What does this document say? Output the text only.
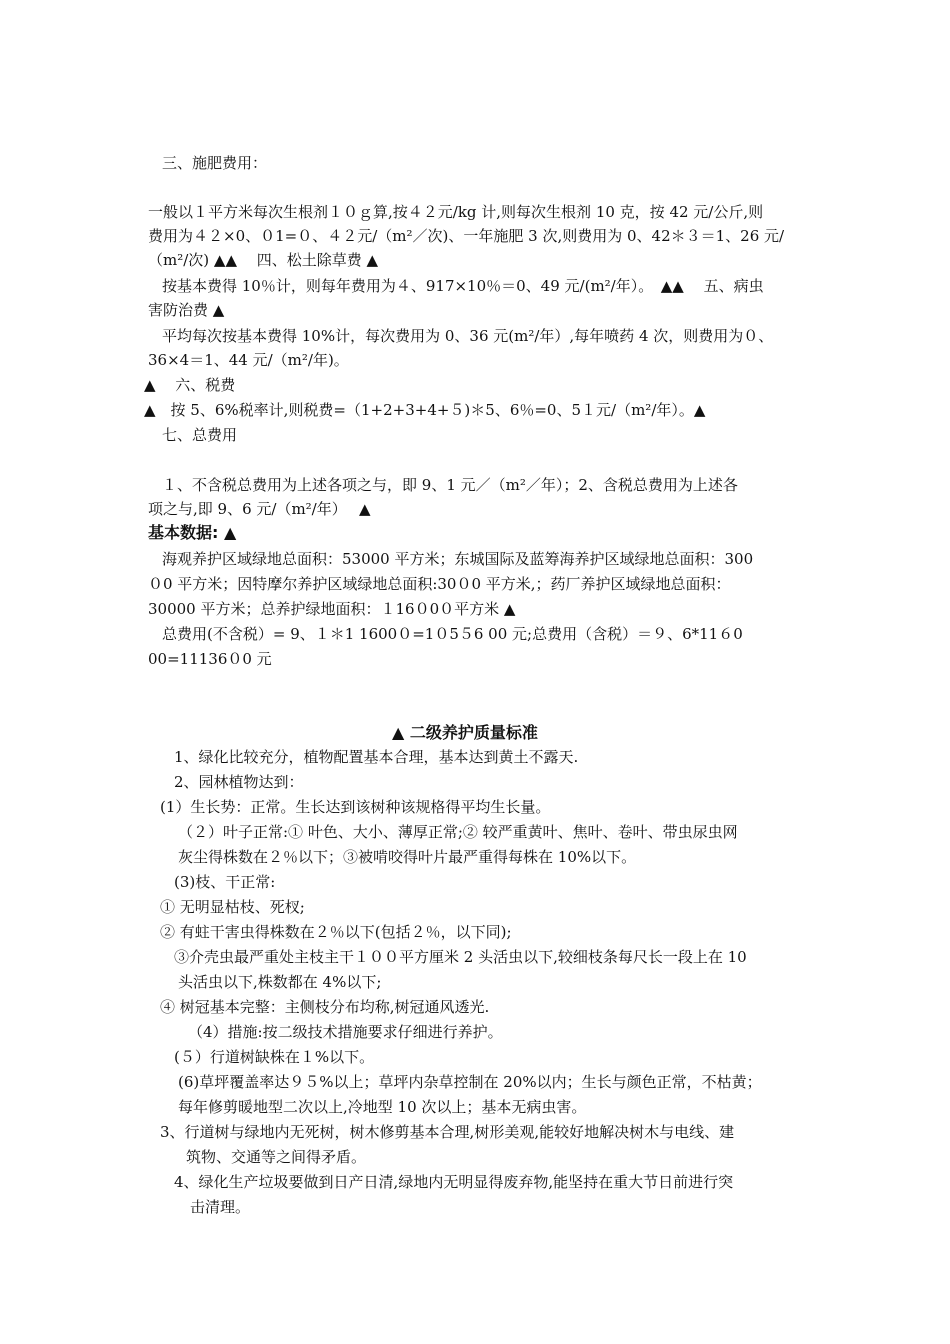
三、施肥费用：
一般以１平方米每次生根剂１０ｇ算,按４２元/kg 计,则每次生根剂 10 克，按 42 元/公斤,则
费用为４２×0、０1=０、４２元/（m²／次)、一年施肥 3 次,则费用为 0、42＊３＝1、26 元/
（m²/次) ▲▲　 四、松土除草费 ▲
按基本费得 10％计，则每年费用为４、917×10％＝0、49 元/(m²/年）。　▲▲　 五、病虫
害防治费 ▲
平均每次按基本费得 10%计，每次费用为 0、36 元(m²/年）,每年喷药 4 次，则费用为０、
36×4＝1、44 元/（m²/年)。
▲　 六、税费
▲　按 5、6%税率计,则税费=（1+2+3+4+５)＊5、6％=0、5１元/（m²/年）。▲
七、总费用
１、不含税总费用为上述各项之与，即 9、1 元／（m²／年）；2、含税总费用为上述各
项之与,即 9、6 元/（m²/年）　 ▲
基本数据: ▲
海观养护区域绿地总面积：53000 平方米；东城国际及蓝筹海养护区域绿地总面积：300
０0 平方米；因特摩尔养护区域绿地总面积:30０0 平方米,；药厂养护区域绿地总面积：
30000 平方米；总养护绿地面积：１16０0０平方米 ▲
总费用(不含税）= 9、１＊1 1600０=1０5５6 00 元;总费用（含税）＝９、6*11６0
00=11136０0 元
▲ 二级养护质量标准
1、绿化比较充分，植物配置基本合理，基本达到黄土不露天.
2、园林植物达到：
(1）生长势：正常。生长达到该树种该规格得平均生长量。
（２）叶子正常:① 叶色、大小、薄厚正常;② 较严重黄叶、焦叶、卷叶、带虫尿虫网
灰尘得株数在２％以下；③被啃咬得叶片最严重得每株在 10%以下。
(3)枝、干正常:
① 无明显枯枝、死杈;
② 有蛀干害虫得株数在２％以下(包括２％，以下同);
③介壳虫最严重处主枝主干１００平方厘米 2 头活虫以下,较细枝条每尺长一段上在 10
头活虫以下,株数都在 4%以下;
④ 树冠基本完整：主侧枝分布均称,树冠通风透光.
（4）措施:按二级技术措施要求仔细进行养护。
(５）行道树缺株在１%以下。
(6)草坪覆盖率达９５%以上；草坪内杂草控制在 20%以内；生长与颜色正常，不枯黄；
每年修剪暖地型二次以上,冷地型 10 次以上；基本无病虫害。
3、行道树与绿地内无死树，树木修剪基本合理,树形美观,能较好地解决树木与电线、建
筑物、交通等之间得矛盾。
4、绿化生产垃圾要做到日产日清,绿地内无明显得废弃物,能坚持在重大节日前进行突
击清理。
